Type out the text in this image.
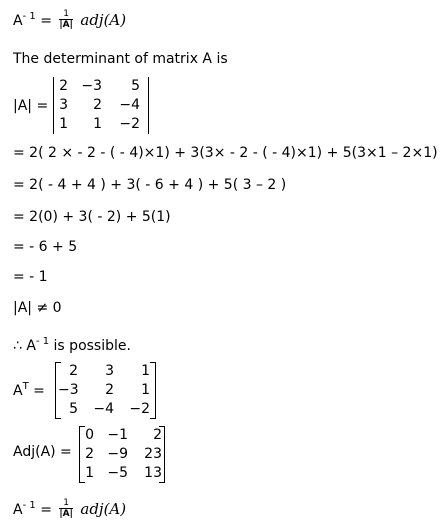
$A^{- 1} = \frac{1}{|A|} adj(A)$
The determinant of matrix A is
|A| =
2 −3	5
3	2	−4
1	1	−2
= 2( 2 × - 2 - ( - 4)×1) + 3(3× - 2 - ( - 4)×1) + 5(3×1 – 2×1)
= 2( - 4 + 4 ) + 3( - 6 + 4 ) + 5( 3 – 2 )
= 2(0) + 3( - 2) + 5(1)
= - 6 + 5
= - 1
|A| ≠ 0
∴ $A^{- 1}$ is possible.
$A^T$ =
2	3	1
−3	2	1
5	−4	−2
Adj(A) =
0 −1	2
2 −9	23
1 −5	13
$A^{- 1} = \frac{1}{|A|} adj(A)$
